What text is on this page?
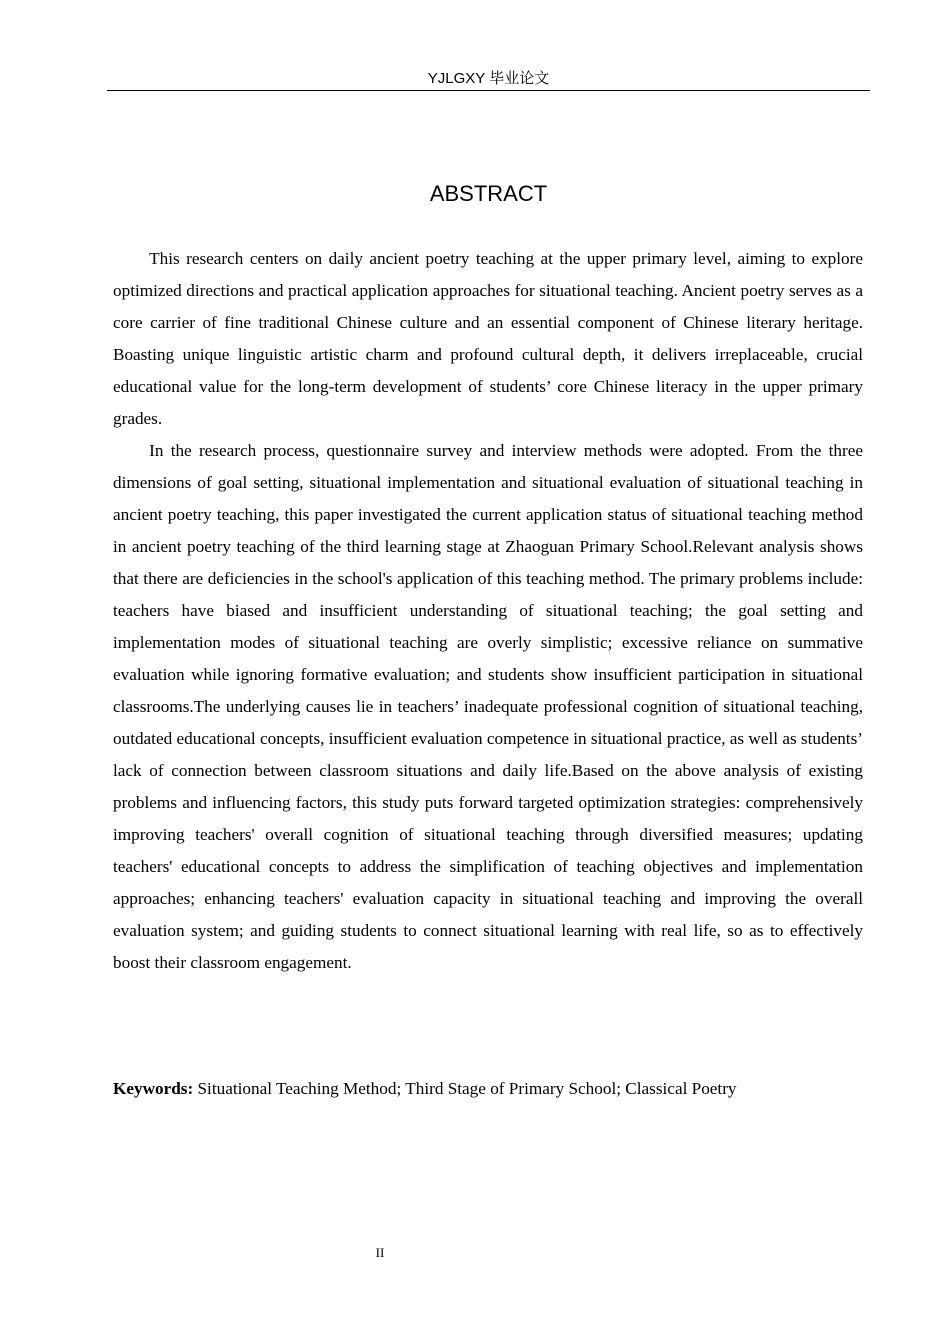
YJLGXY 毕业论文
ABSTRACT

This research centers on daily ancient poetry teaching at the upper primary level, aiming to explore optimized directions and practical application approaches for situational teaching. Ancient poetry serves as a core carrier of fine traditional Chinese culture and an essential component of Chinese literary heritage. Boasting unique linguistic artistic charm and profound cultural depth, it delivers irreplaceable, crucial educational value for the long-term development of students’ core Chinese literacy in the upper primary grades.

In the research process, questionnaire survey and interview methods were adopted. From the three dimensions of goal setting, situational implementation and situational evaluation of situational teaching in ancient poetry teaching, this paper investigated the current application status of situational teaching method in ancient poetry teaching of the third learning stage at Zhaoguan Primary School.Relevant analysis shows that there are deficiencies in the school's application of this teaching method. The primary problems include: teachers have biased and insufficient understanding of situational teaching; the goal setting and implementation modes of situational teaching are overly simplistic; excessive reliance on summative evaluation while ignoring formative evaluation; and students show insufficient participation in situational classrooms.The underlying causes lie in teachers’ inadequate professional cognition of situational teaching, outdated educational concepts, insufficient evaluation competence in situational practice, as well as students’ lack of connection between classroom situations and daily life.Based on the above analysis of existing problems and influencing factors, this study puts forward targeted optimization strategies: comprehensively improving teachers' overall cognition of situational teaching through diversified measures; updating teachers' educational concepts to address the simplification of teaching objectives and implementation approaches; enhancing teachers' evaluation capacity in situational teaching and improving the overall evaluation system; and guiding students to connect situational learning with real life, so as to effectively boost their classroom engagement.

Keywords: Situational Teaching Method; Third Stage of Primary School; Classical Poetry

II
